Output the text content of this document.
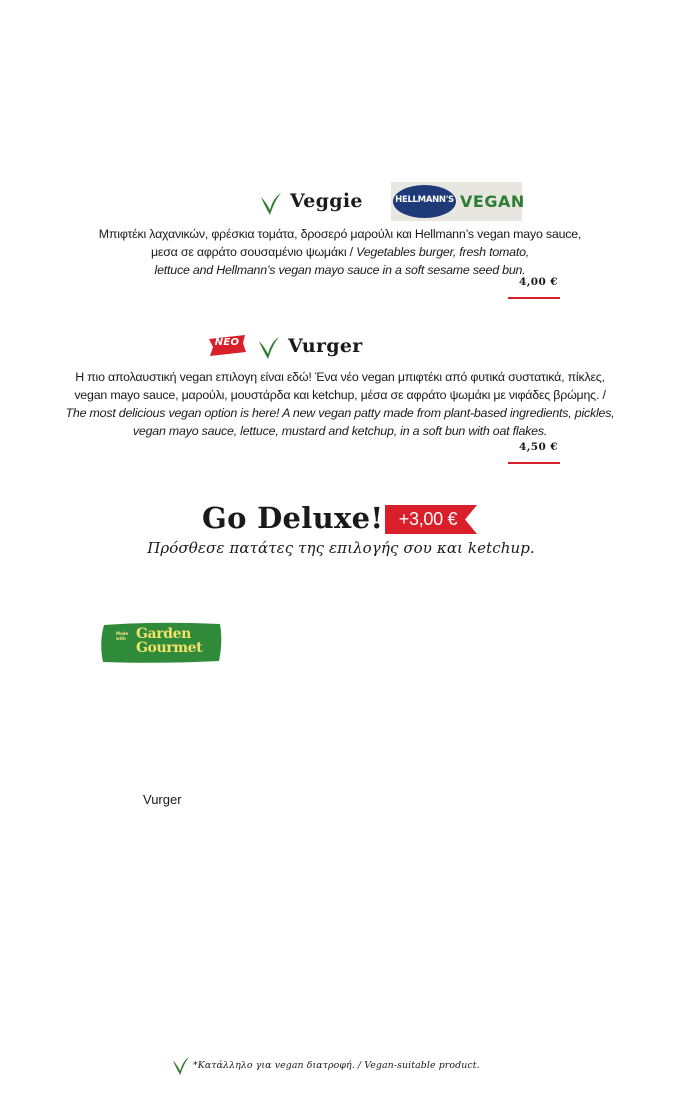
Veggie	HELLMANN'S VEGAN
Μπιφτέκι λαχανικών, φρέσκια τομάτα, δροσερό μαρούλι και Hellmann’s vegan mayo sauce,
μεσα σε αφράτο σουσαμένιο ψωμάκι / Vegetables burger, fresh tomato,
lettuce and Hellmann’s vegan mayo sauce in a soft sesame seed bun.
4,00 €
ΝΕΟ	Vurger
Η πιο απολαυστική vegan επιλογη είναι εδώ! Ένα νέο vegan μπιφτέκι από φυτικά συστατικά, πίκλες,
vegan mayo sauce, μαρούλι, μουστάρδα και ketchup, μέσα σε αφράτο ψωμάκι με νιφάδες βρώμης. /
The most delicious vegan option is here! A new vegan patty made from plant-based ingredients, pickles,
vegan mayo sauce, lettuce, mustard and ketchup, in a soft bun with oat flakes.
4,50 €
Go Deluxe! +3,00 €
Πρόσθεσε πατάτες της επιλογής σου και ketchup.
Made with Garden
Gourmet
Vurger
*Κατάλληλο για vegan διατροφή. / Vegan-suitable product.
